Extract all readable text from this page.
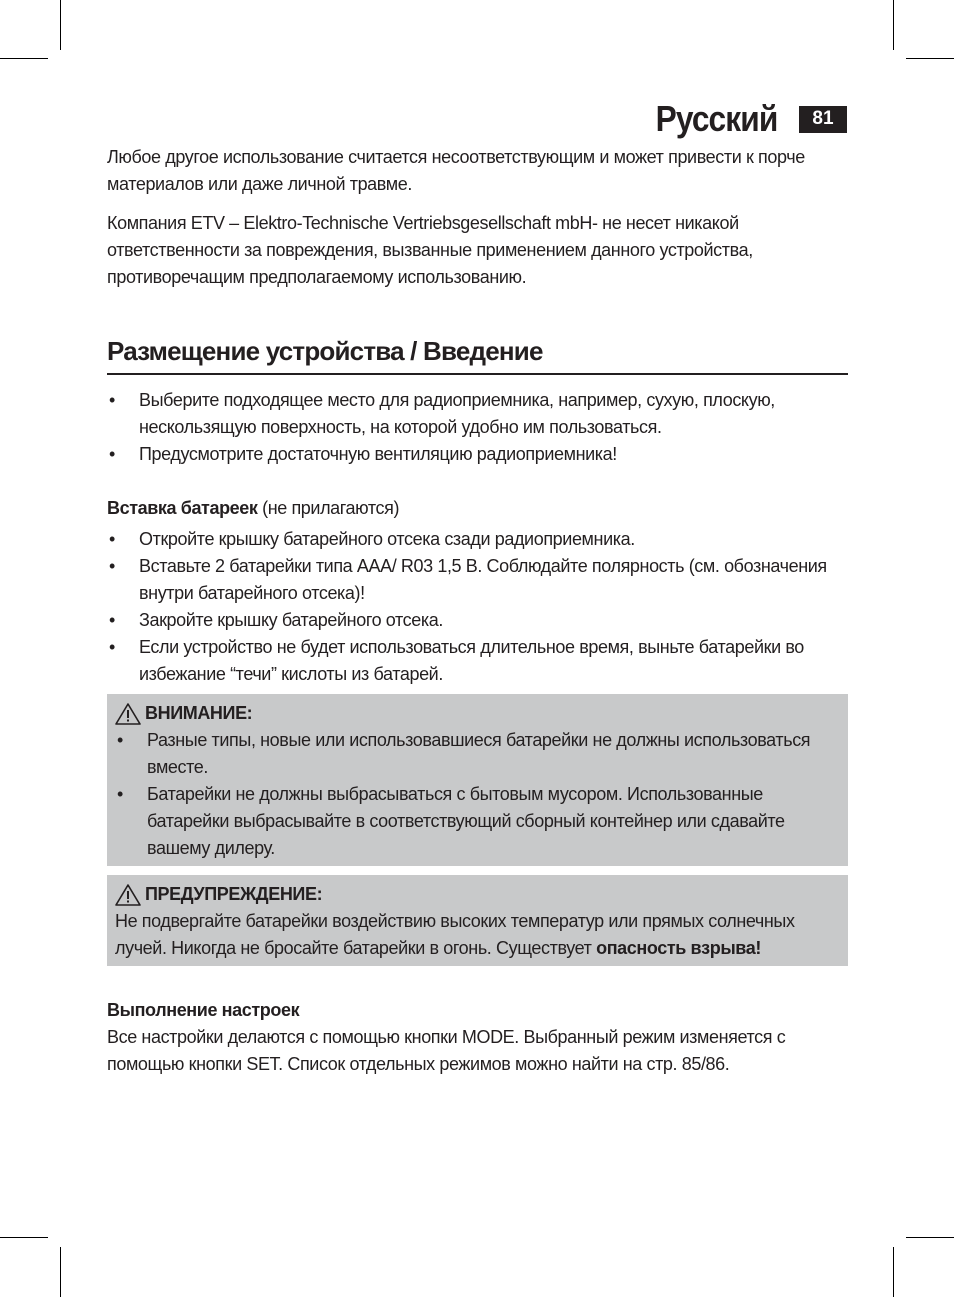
Русский	81

Любое другое использование считается несоответствующим и может привести к порче материалов или даже личной травме.

Компания ETV – Elektro-Technische Vertriebsgesellschaft mbH- не несет никакой ответственности за повреждения, вызванные применением данного устройства, противоречащим предполагаемому использованию.

Размещение устройства / Введение
• Выберите подходящее место для радиоприемника, например, сухую, плоскую, нескользящую поверхность, на которой удобно им пользоваться.
• Предусмотрите достаточную вентиляцию радиоприемника!

Вставка батареек (не прилагаются)

• Откройте крышку батарейного отсека сзади радиоприемника.
• Вставьте 2 батарейки типа AAA/ R03 1,5 В. Соблюдайте полярность (см. обозначения внутри батарейного отсека)!
• Закройте крышку батарейного отсека.
• Если устройство не будет использоваться длительное время, выньте батарейки во избежание “течи” кислоты из батарей.
ВНИМАНИЕ:
• Разные типы, новые или использовавшиеся батарейки не должны использоваться вместе.
• Батарейки не должны выбрасываться с бытовым мусором. Использованные батарейки выбрасывайте в соответствующий сборный контейнер или сдавайте вашему дилеру.
ПРЕДУПРЕЖДЕНИЕ:

Не подвергайте батарейки воздействию высоких температур или прямых солнечных лучей. Никогда не бросайте батарейки в огонь. Существует опасность взрыва!

Выполнение настроек

Все настройки делаются с помощью кнопки MODE. Выбранный режим изменяется с помощью кнопки SET. Список отдельных режимов можно найти на стр. 85/86.
